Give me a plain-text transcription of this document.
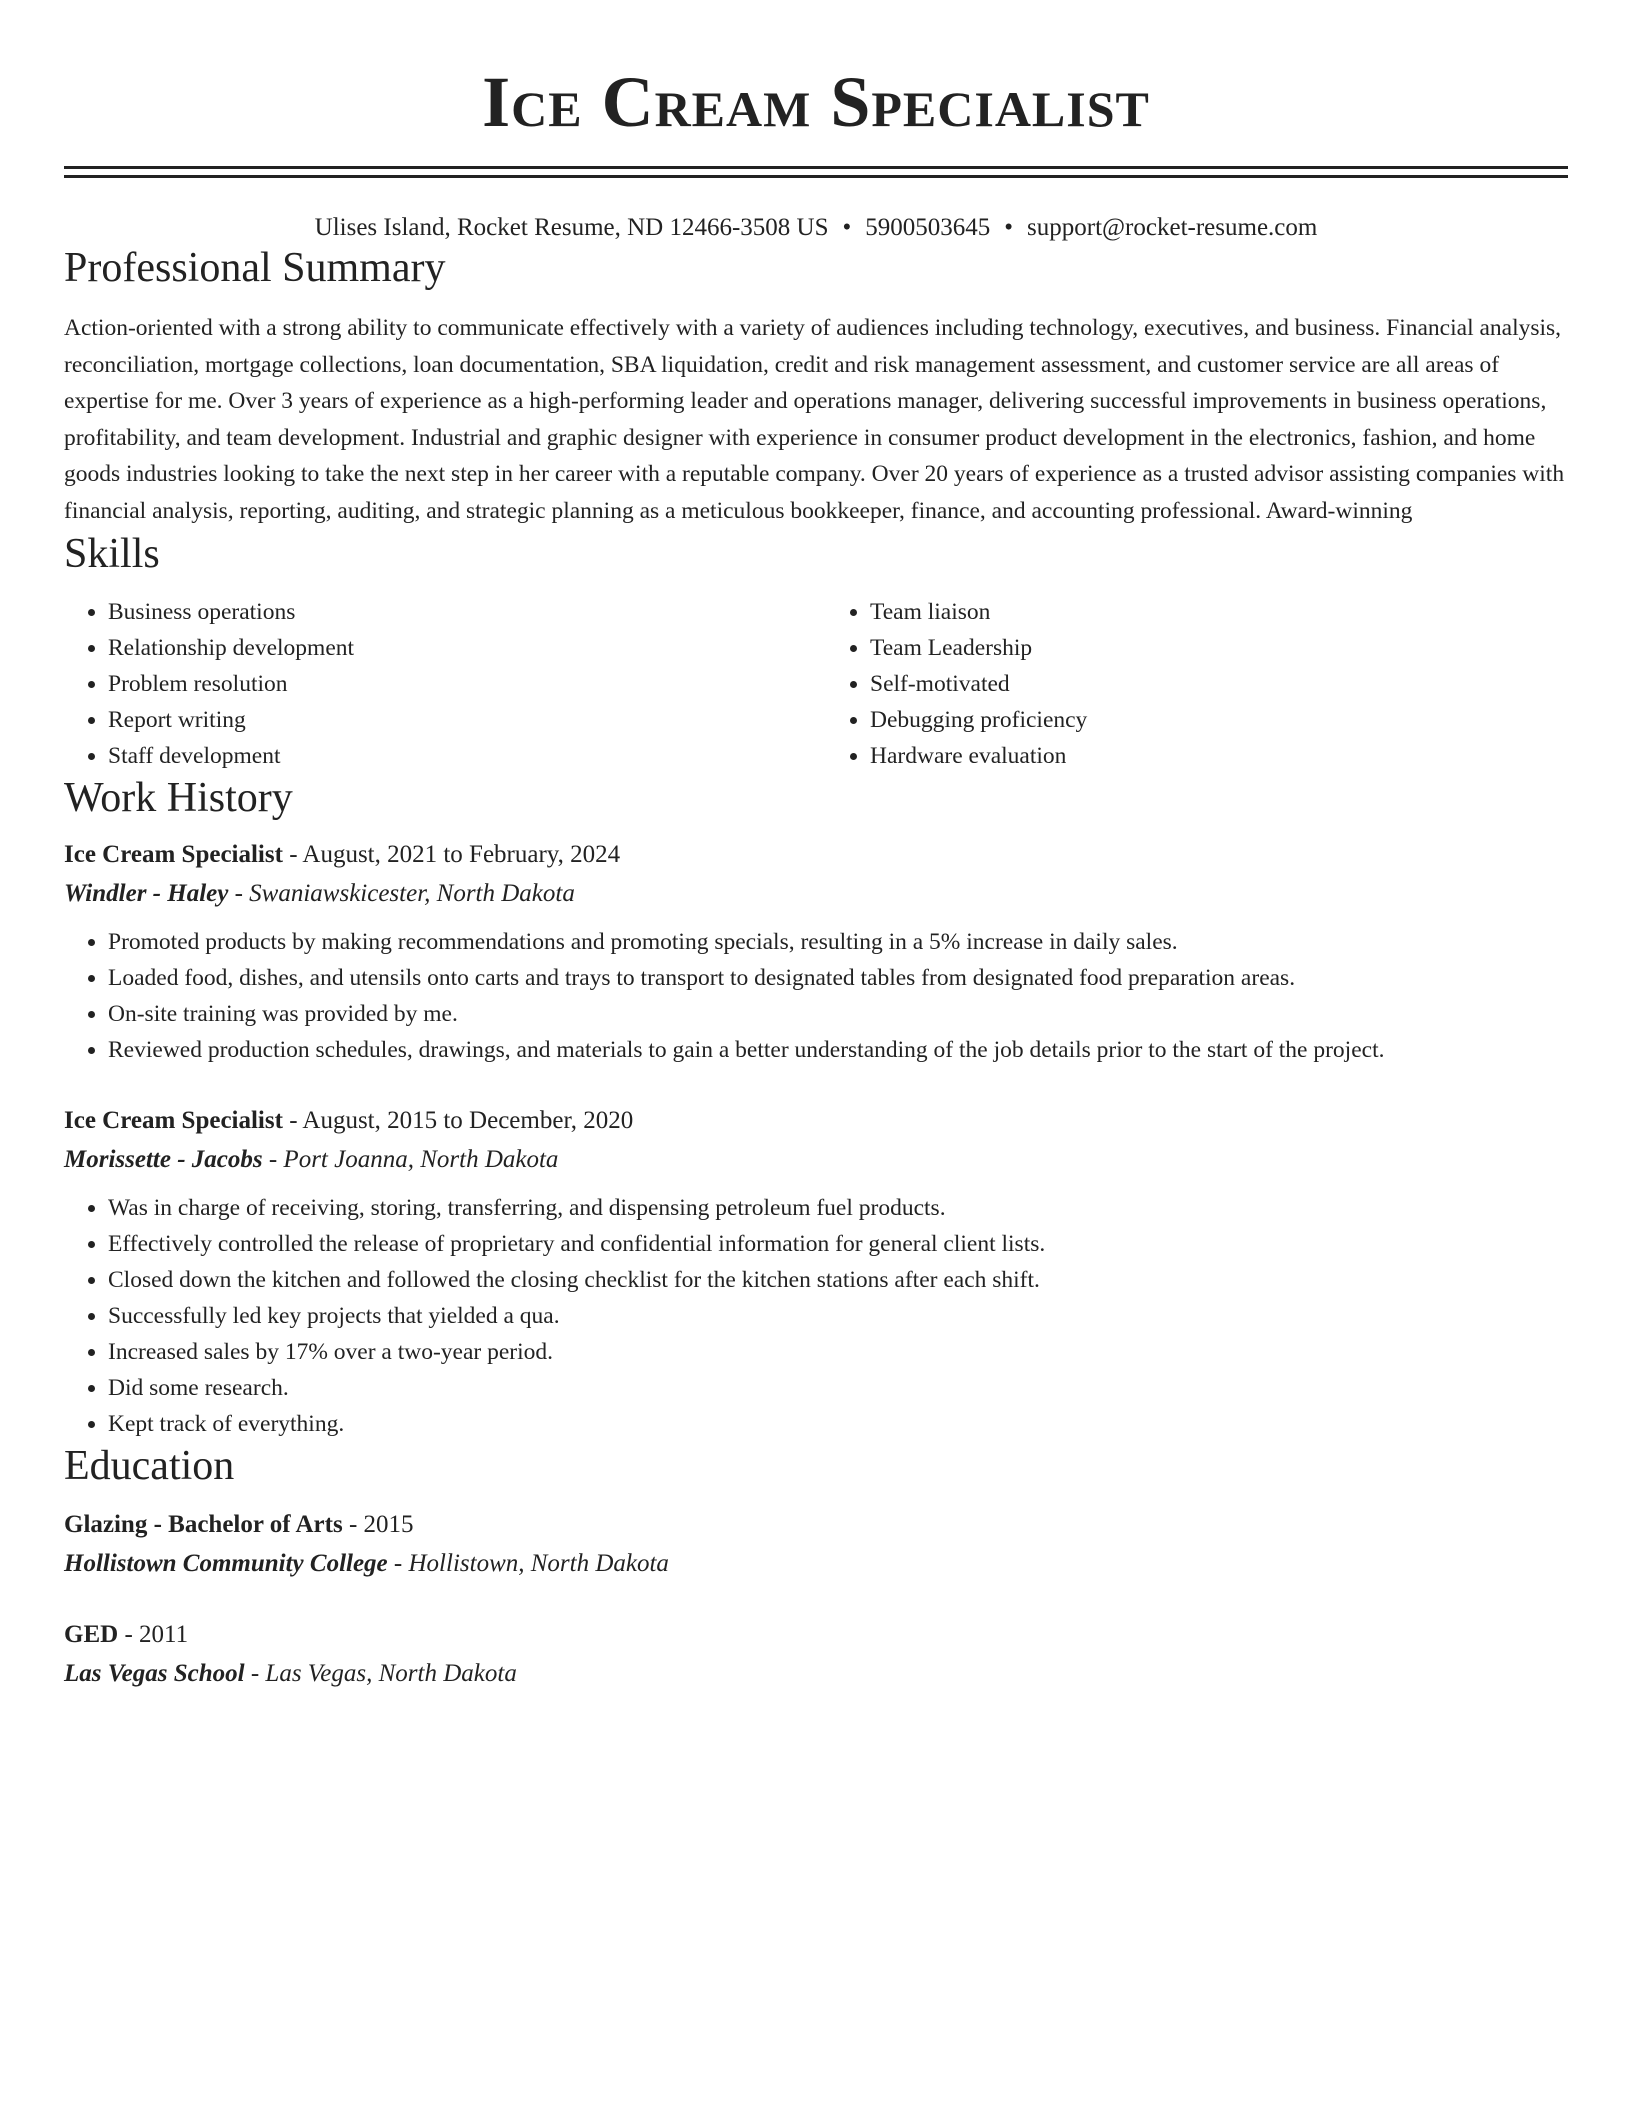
Ice Cream Specialist
Ulises Island, Rocket Resume, ND 12466-3508 US • 5900503645 • support@rocket-resume.com
Professional Summary

Action-oriented with a strong ability to communicate effectively with a variety of audiences including technology, executives, and business. Financial analysis, reconciliation, mortgage collections, loan documentation, SBA liquidation, credit and risk management assessment, and customer service are all areas of expertise for me. Over 3 years of experience as a high-performing leader and operations manager, delivering successful improvements in business operations, profitability, and team development. Industrial and graphic designer with experience in consumer product development in the electronics, fashion, and home goods industries looking to take the next step in her career with a reputable company. Over 20 years of experience as a trusted advisor assisting companies with financial analysis, reporting, auditing, and strategic planning as a meticulous bookkeeper, finance, and accounting professional. Award-winning

Skills
• Business operations
• Relationship development
• Problem resolution
• Report writing
• Staff development
• Team liaison
• Team Leadership
• Self-motivated
• Debugging proficiency
• Hardware evaluation
Work History
Ice Cream Specialist - August, 2021 to February, 2024
Windler - Haley - Swaniawskicester, North Dakota
• Promoted products by making recommendations and promoting specials, resulting in a 5% increase in daily sales.
• Loaded food, dishes, and utensils onto carts and trays to transport to designated tables from designated food preparation areas.
• On-site training was provided by me.
• Reviewed production schedules, drawings, and materials to gain a better understanding of the job details prior to the start of the project.
Ice Cream Specialist - August, 2015 to December, 2020
Morissette - Jacobs - Port Joanna, North Dakota
• Was in charge of receiving, storing, transferring, and dispensing petroleum fuel products.
• Effectively controlled the release of proprietary and confidential information for general client lists.
• Closed down the kitchen and followed the closing checklist for the kitchen stations after each shift.
• Successfully led key projects that yielded a qua.
• Increased sales by 17% over a two-year period.
• Did some research.
• Kept track of everything.
Education
Glazing - Bachelor of Arts - 2015
Hollistown Community College - Hollistown, North Dakota
GED - 2011
Las Vegas School - Las Vegas, North Dakota
